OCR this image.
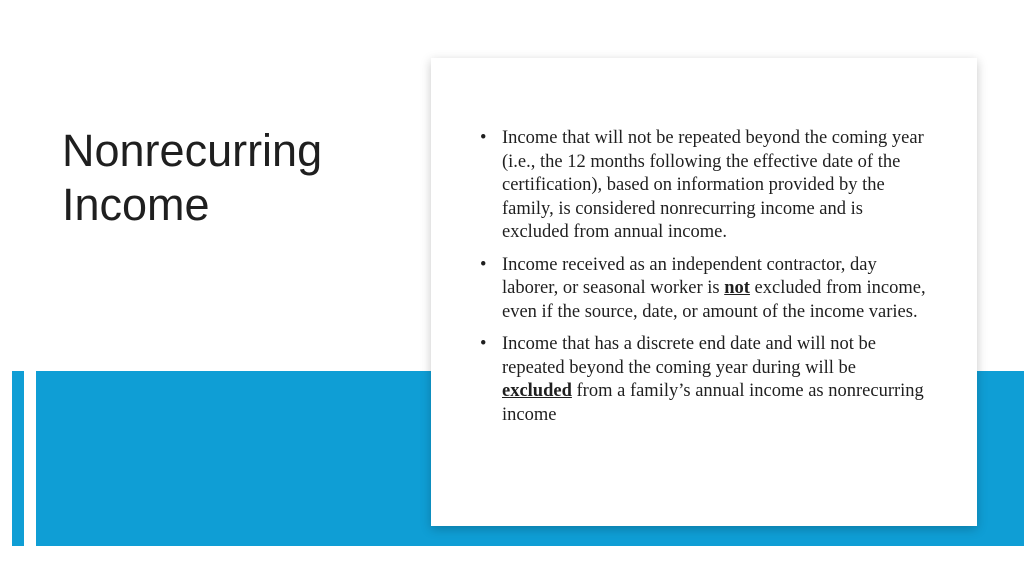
Nonrecurring Income
• Income that will not be repeated beyond the coming year (i.e., the 12 months following the effective date of the certification), based on information provided by the family, is considered nonrecurring income and is excluded from annual income.
• Income received as an independent contractor, day laborer, or seasonal worker is not excluded from income, even if the source, date, or amount of the income varies.
• Income that has a discrete end date and will not be repeated beyond the coming year during will be excluded from a family’s annual income as nonrecurring income
